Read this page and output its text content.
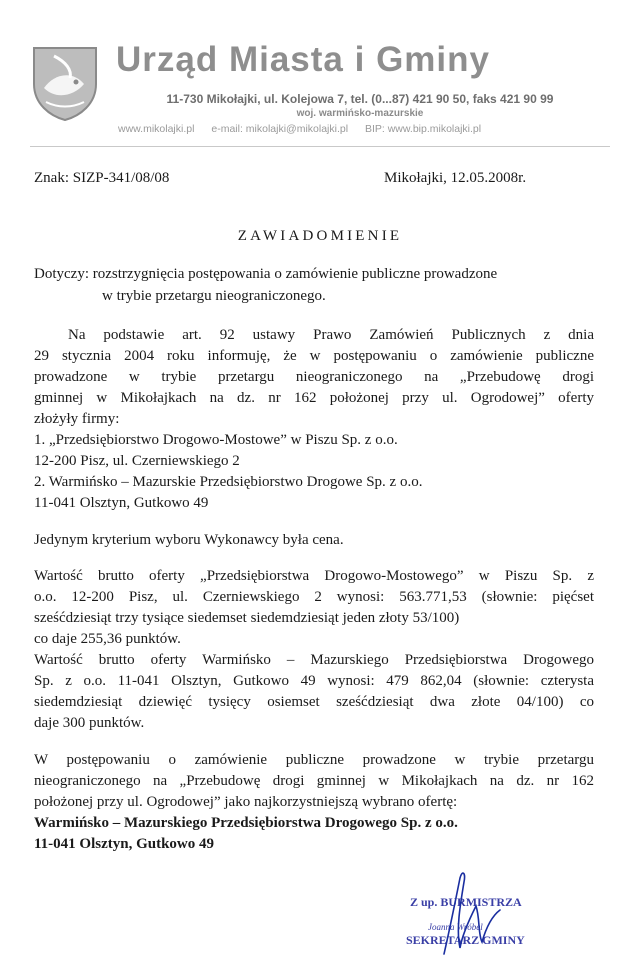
Urząd Miasta i Gminy
11-730 Mikołajki, ul. Kolejowa 7, tel. (0...87) 421 90 50, faks 421 90 99
woj. warmińsko-mazurskie
www.mikolajki.pl e-mail: mikolajki@mikolajki.pl BIP: www.bip.mikolajki.pl
Znak: SIZP-341/08/08	Mikołajki, 12.05.2008r.
ZAWIADOMIENIE
Dotyczy: rozstrzygnięcia postępowania o zamówienie publiczne prowadzone
w trybie przetargu nieograniczonego.
Na podstawie art. 92 ustawy Prawo Zamówień Publicznych z dnia
29 stycznia 2004 roku informuję, że w postępowaniu o zamówienie publiczne
prowadzone w trybie przetargu nieograniczonego na „Przebudowę drogi
gminnej w Mikołajkach na dz. nr 162 położonej przy ul. Ogrodowej” oferty
złożyły firmy:
1. „Przedsiębiorstwo Drogowo-Mostowe” w Piszu Sp. z o.o.
12-200 Pisz, ul. Czerniewskiego 2
2. Warmińsko – Mazurskie Przedsiębiorstwo Drogowe Sp. z o.o.
11-041 Olsztyn, Gutkowo 49
Jedynym kryterium wyboru Wykonawcy była cena.
Wartość brutto oferty „Przedsiębiorstwa Drogowo-Mostowego” w Piszu Sp. z
o.o. 12-200 Pisz, ul. Czerniewskiego 2 wynosi: 563.771,53 (słownie: pięćset
sześćdziesiąt trzy tysiące siedemset siedemdziesiąt jeden złoty 53/100)
co daje 255,36 punktów.
Wartość brutto oferty Warmińsko – Mazurskiego Przedsiębiorstwa Drogowego
Sp. z o.o. 11-041 Olsztyn, Gutkowo 49 wynosi: 479 862,04 (słownie: czterysta
siedemdziesiąt dziewięć tysięcy osiemset sześćdziesiąt dwa złote 04/100) co
daje 300 punktów.
W postępowaniu o zamówienie publiczne prowadzone w trybie przetargu
nieograniczonego na „Przebudowę drogi gminnej w Mikołajkach na dz. nr 162
położonej przy ul. Ogrodowej” jako najkorzystniejszą wybrano ofertę:
Warmińsko – Mazurskiego Przedsiębiorstwa Drogowego Sp. z o.o.
11-041 Olsztyn, Gutkowo 49
Z up. BURMISTRZA
Joanna Wróbel
SEKRETARZ GMINY
